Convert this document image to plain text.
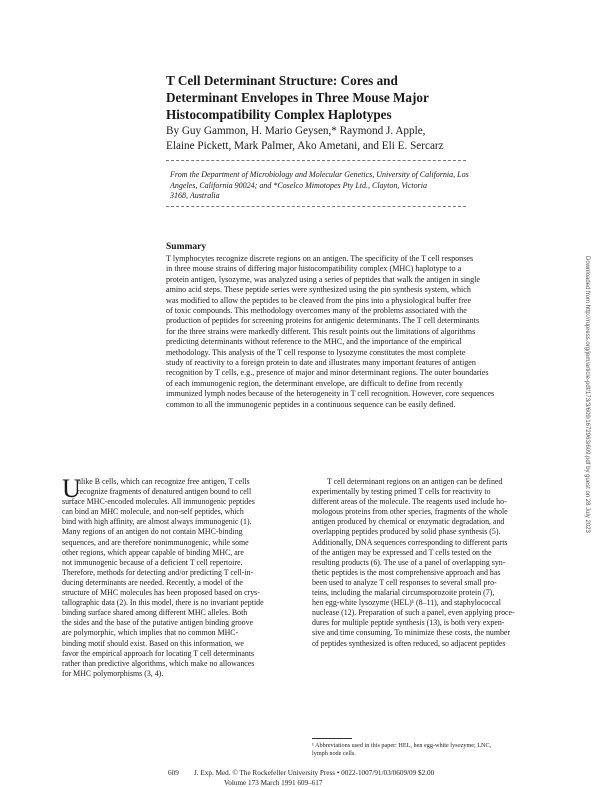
T Cell Determinant Structure: Cores and
Determinant Envelopes in Three Mouse Major
Histocompatibility Complex Haplotypes
By Guy Gammon, H. Mario Geysen,* Raymond J. Apple,
Elaine Pickett, Mark Palmer, Ako Ametani, and Eli E. Sercarz
From the Department of Microbiology and Molecular Genetics, University of California, Los
Angeles, California 90024; and *Coselco Mimotopes Pty Ltd., Clayton, Victoria
3168, Australia
Summary
T lymphocytes recognize discrete regions on an antigen. The specificity of the T cell responses
in three mouse strains of differing major histocompatibility complex (MHC) haplotype to a
protein antigen, lysozyme, was analyzed using a series of peptides that walk the antigen in single
amino acid steps. These peptide series were synthesized using the pin synthesis system, which
was modified to allow the peptides to be cleaved from the pins into a physiological buffer free
of toxic compounds. This methodology overcomes many of the problems associated with the
production of peptides for screening proteins for antigenic determinants. The T cell determinants
for the three strains were markedly different. This result points out the limitations of algorithms
predicting determinants without reference to the MHC, and the importance of the empirical
methodology. This analysis of the T cell response to lysozyme constitutes the most complete
study of reactivity to a foreign protein to date and illustrates many important features of antigen
recognition by T cells, e.g., presence of major and minor determinant regions. The outer boundaries
of each immunogenic region, the determinant envelope, are difficult to define from recently
immunized lymph nodes because of the heterogeneity in T cell recognition. However, core sequences
common to all the immunogenic peptides in a continuous sequence can be easily defined.
U
nlike B cells, which can recognize free antigen, T cells
recognize fragments of denatured antigen bound to cell
surface MHC-encoded molecules. All immunogenic peptides
can bind an MHC molecule, and non-self peptides, which
bind with high affinity, are almost always immunogenic (1).
Many regions of an antigen do not contain MHC-binding
sequences, and are therefore nonimmunogenic, while some
other regions, which appear capable of binding MHC, are
not immunogenic because of a deficient T cell repertoire.
Therefore, methods for detecting and/or predicting T cell-in-
ducing determinants are needed. Recently, a model of the
structure of MHC molecules has been proposed based on crys-
tallographic data (2). In this model, there is no invariant peptide
binding surface shared among different MHC alleles. Both
the sides and the base of the putative antigen binding groove
are polymorphic, which implies that no common MHC-
binding motif should exist. Based on this information, we
favor the empirical approach for locating T cell determinants
rather than predictive algorithms, which make no allowances
for MHC polymorphisms (3, 4).
T cell determinant regions on an antigen can be defined
experimentally by testing primed T cells for reactivity to
different areas of the molecule. The reagents used include ho-
mologous proteins from other species, fragments of the whole
antigen produced by chemical or enzymatic degradation, and
overlapping peptides produced by solid phase synthesis (5).
Additionally, DNA sequences corresponding to different parts
of the antigen may be expressed and T cells tested on the
resulting products (6). The use of a panel of overlapping syn-
thetic peptides is the most comprehensive approach and has
been used to analyze T cell responses to several small pro-
teins, including the malarial circumsporozoite protein (7),
hen egg-white lysozyme (HEL)¹ (8–11), and staphylococcal
nuclease (12). Preparation of such a panel, even applying proce-
dures for multiple peptide synthesis (13), is both very expen-
sive and time consuming. To minimize these costs, the number
of peptides synthesized is often reduced, so adjacent peptides
¹ Abbreviations used in this paper: HEL, hen egg-white lysozyme; LNC,
lymph node cells.
609 J. Exp. Med. © The Rockefeller University Press • 0022-1007/91/03/0609/09 $2.00
Volume 173 March 1991 609–617
Downloaded from http://rupress.org/jem/article-pdf/173/3/609/1672963/609.pdf by guest on 28 July 2023
